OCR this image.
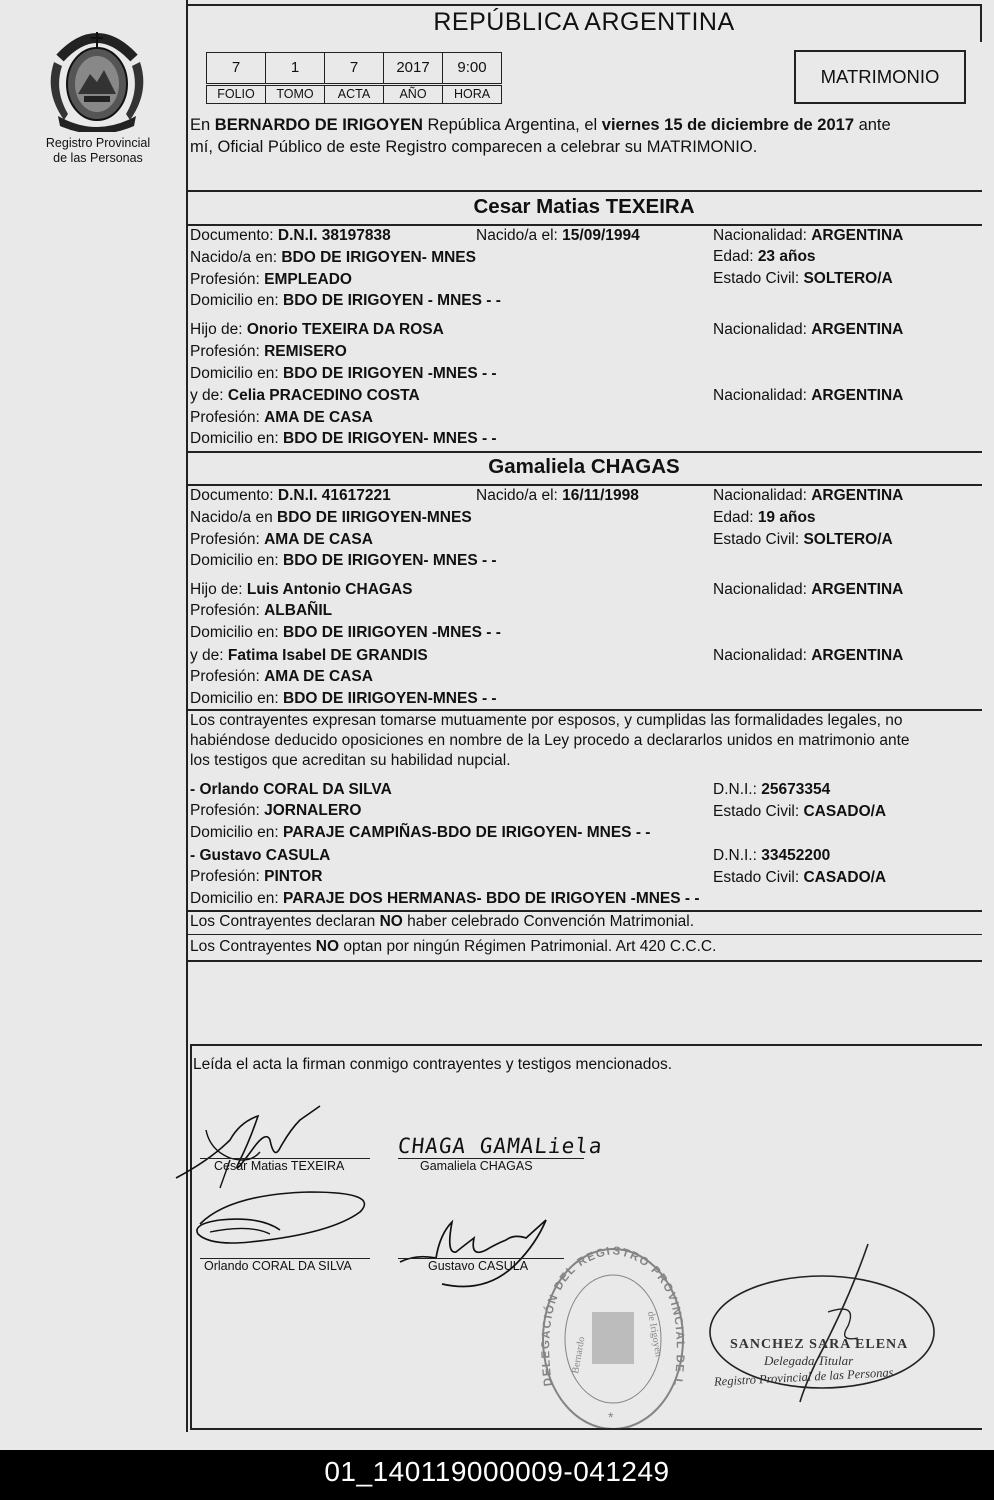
Registro Provincial
de las Personas
REPÚBLICA ARGENTINA
7	1	7	2017	9:00
FOLIO	TOMO	ACTA	AÑO	HORA
MATRIMONIO
En BERNARDO DE IRIGOYEN República Argentina, el viernes 15 de diciembre de 2017 ante
mí, Oficial Público de este Registro comparecen a celebrar su MATRIMONIO.
Cesar Matias TEXEIRA
Documento: D.N.I. 38197838	Nacido/a el: 15/09/1994	Nacionalidad: ARGENTINA
Nacido/a en: BDO DE IRIGOYEN- MNES	Edad: 23 años
Profesión: EMPLEADO	Estado Civil: SOLTERO/A
Domicilio en: BDO DE IRIGOYEN - MNES - -
Hijo de: Onorio TEXEIRA DA ROSA	Nacionalidad: ARGENTINA
Profesión: REMISERO
Domicilio en: BDO DE IRIGOYEN -MNES - -
y de: Celia PRACEDINO COSTA	Nacionalidad: ARGENTINA
Profesión: AMA DE CASA
Domicilio en: BDO DE IRIGOYEN- MNES - -
Gamaliela CHAGAS
Documento: D.N.I. 41617221	Nacido/a el: 16/11/1998	Nacionalidad: ARGENTINA
Nacido/a en BDO DE IIRIGOYEN-MNES	Edad: 19 años
Profesión: AMA DE CASA	Estado Civil: SOLTERO/A
Domicilio en: BDO DE IRIGOYEN- MNES - -
Hijo de: Luis Antonio CHAGAS	Nacionalidad: ARGENTINA
Profesión: ALBAÑIL
Domicilio en: BDO DE IIRIGOYEN -MNES - -
y de: Fatima Isabel DE GRANDIS	Nacionalidad: ARGENTINA
Profesión: AMA DE CASA
Domicilio en: BDO DE IIRIGOYEN-MNES - -
Los contrayentes expresan tomarse mutuamente por esposos, y cumplidas las formalidades legales, no
habiéndose deducido oposiciones en nombre de la Ley procedo a declararlos unidos en matrimonio ante
los testigos que acreditan su habilidad nupcial.
- Orlando CORAL DA SILVA	D.N.I.: 25673354
Profesión: JORNALERO	Estado Civil: CASADO/A
Domicilio en: PARAJE CAMPIÑAS-BDO DE IRIGOYEN- MNES - -
- Gustavo CASULA	D.N.I.: 33452200
Profesión: PINTOR	Estado Civil: CASADO/A
Domicilio en: PARAJE DOS HERMANAS- BDO DE IRIGOYEN -MNES - -
Los Contrayentes declaran NO haber celebrado Convención Matrimonial.
Los Contrayentes NO optan por ningún Régimen Patrimonial. Art 420 C.C.C.
Leída el acta la firman conmigo contrayentes y testigos mencionados.
Cesar Matias TEXEIRA
CHAGA GAMALiela
Gamaliela CHAGAS
Orlando CORAL DA SILVA	Gustavo CASULA
DELEGACIÓN DEL REGISTRO PROVINCIAL DE L
Bernardo	de Irigoyen
*
SANCHEZ SARA ELENA
Delegada Titular
Registro Provincial de las Personas
01_140119000009-041249
